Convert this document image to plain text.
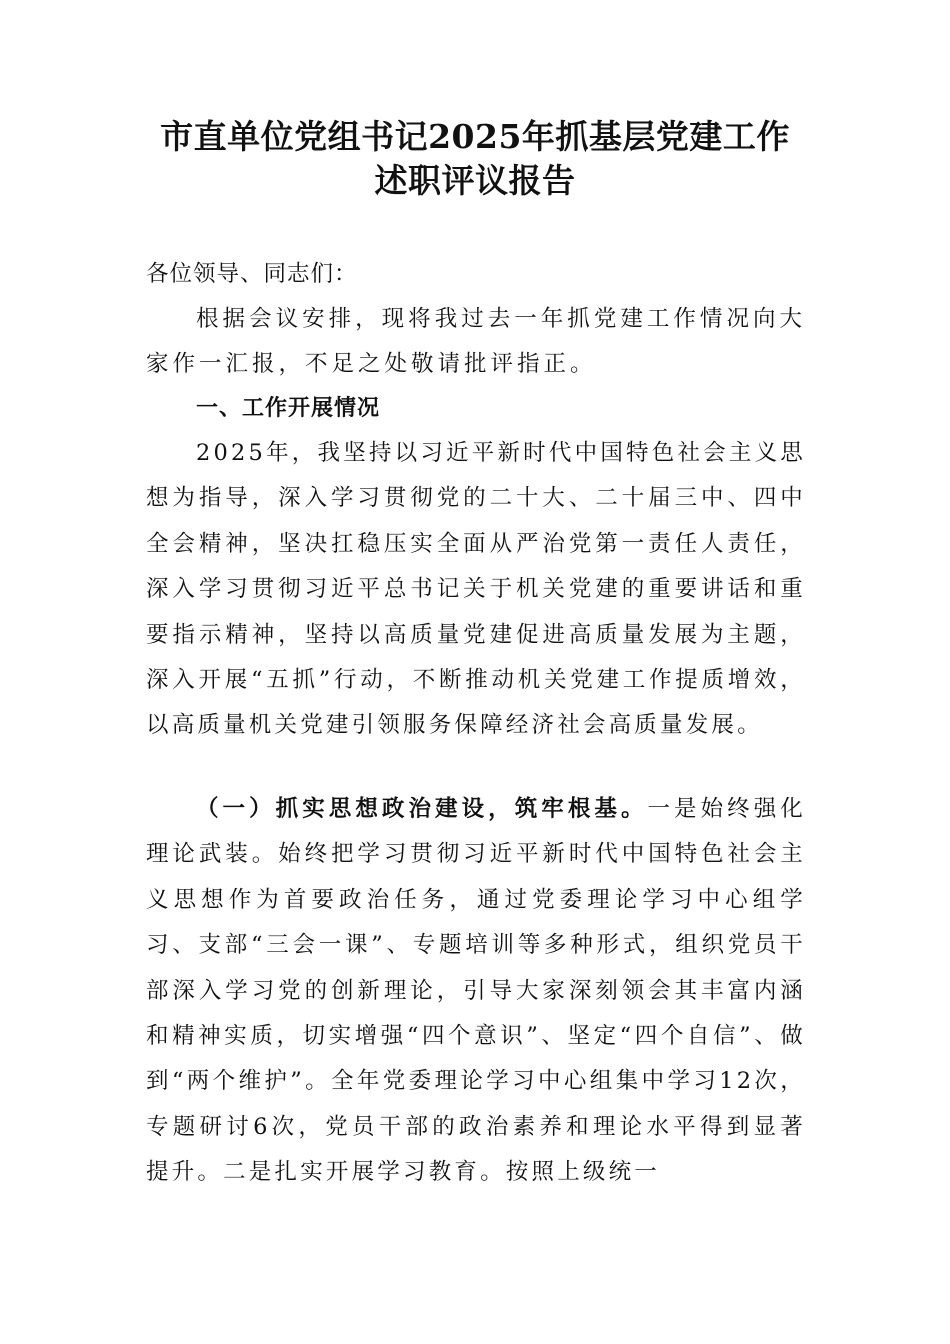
市直单位党组书记2025年抓基层党建工作
述职评议报告

各位领导、同志们：

根据会议安排，现将我过去一年抓党建工作情况向大家作一汇报，不足之处敬请批评指正。

一、工作开展情况

2025年，我坚持以习近平新时代中国特色社会主义思想为指导，深入学习贯彻党的二十大、二十届三中、四中全会精神，坚决扛稳压实全面从严治党第一责任人责任，深入学习贯彻习近平总书记关于机关党建的重要讲话和重要指示精神，坚持以高质量党建促进高质量发展为主题，深入开展“五抓”行动，不断推动机关党建工作提质增效，以高质量机关党建引领服务保障经济社会高质量发展。

（一）抓实思想政治建设，筑牢根基。一是始终强化理论武装。始终把学习贯彻习近平新时代中国特色社会主义思想作为首要政治任务，通过党委理论学习中心组学习、支部“三会一课”、专题培训等多种形式，组织党员干部深入学习党的创新理论，引导大家深刻领会其丰富内涵和精神实质，切实增强“四个意识”、坚定“四个自信”、做到“两个维护”。全年党委理论学习中心组集中学习12次，专题研讨6次，党员干部的政治素养和理论水平得到显著提升。二是扎实开展学习教育。按照上级统一
